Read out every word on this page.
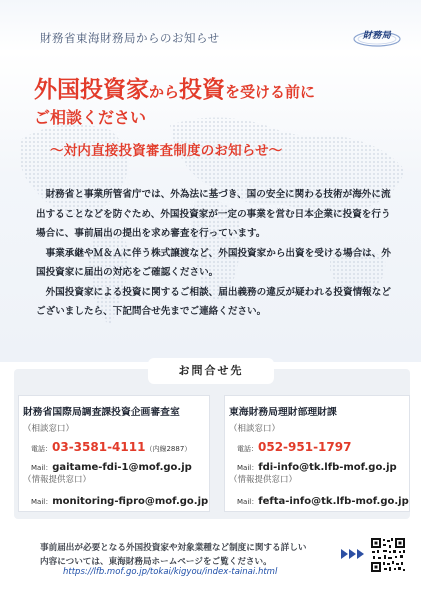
財務省東海財務局からのお知らせ	財務局
外国投資家から投資を受ける前に
ご相談ください
～対内直接投資審査制度のお知らせ～

財務省と事業所管省庁では、外為法に基づき、国の安全に関わる技術が海外に流出することなどを防ぐため、外国投資家が一定の事業を営む日本企業に投資を行う場合に、事前届出の提出を求め審査を行っています。

事業承継やＭ＆Ａに伴う株式譲渡など、外国投資家から出資を受ける場合は、外国投資家に届出の対応をご確認ください。

外国投資家による投資に関するご相談、届出義務の違反が疑われる投資情報などございましたら、下記問合せ先までご連絡ください。

お問合せ先
財務省国際局調査課投資企画審査室
（相談窓口）
電話：03-3581-4111（内線2887）
Mail：gaitame-fdi-1@mof.go.jp
（情報提供窓口）
Mail：monitoring-fipro@mof.go.jp
東海財務局理財部理財課
（相談窓口）
電話：052-951-1797
Mail：fdi-info@tk.lfb-mof.go.jp
（情報提供窓口）
Mail：fefta-info@tk.lfb-mof.go.jp
事前届出が必要となる外国投資家や対象業種など制度に関する詳しい
内容については、東海財務局ホームページをご覧ください。
https://lfb.mof.go.jp/tokai/kigyou/index-tainai.html
